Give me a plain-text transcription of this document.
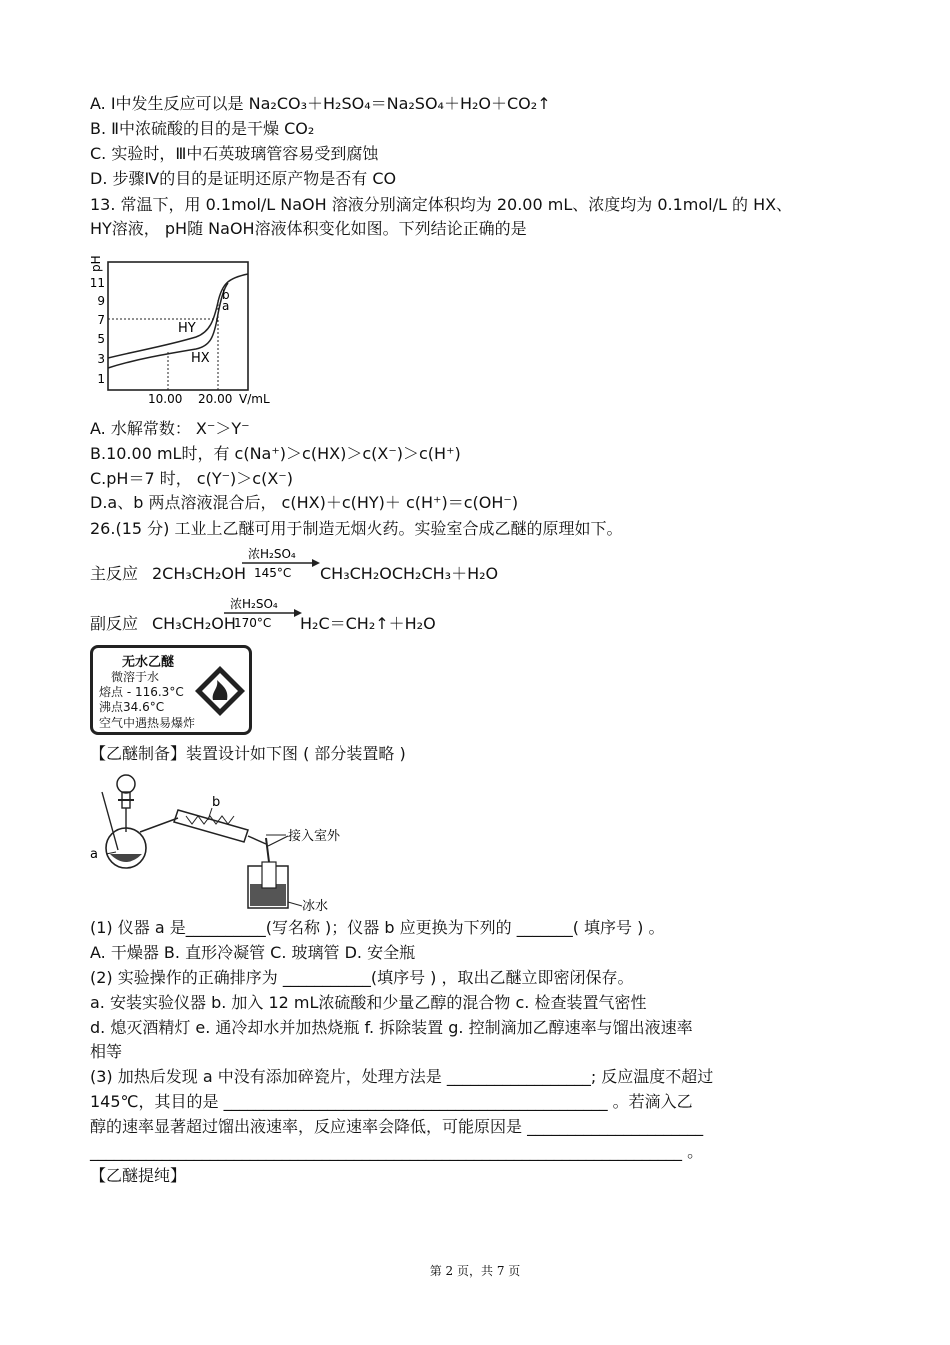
A. Ⅰ中发生反应可以是 Na₂CO₃＋H₂SO₄＝Na₂SO₄＋H₂O＋CO₂↑
B. Ⅱ中浓硫酸的目的是干燥 CO₂
C. 实验时，Ⅲ中石英玻璃管容易受到腐蚀
D. 步骤Ⅳ的目的是证明还原产物是否有 CO
13. 常温下，用 0.1mol/L NaOH 溶液分别滴定体积均为 20.00 mL、浓度均为 0.1mol/L 的 HX、
HY溶液， pH随 NaOH溶液体积变化如图。下列结论正确的是
pH
11
9
7
5
3
1
HY
HX
b
a
10.00 20.00 V/mL
A. 水解常数： X⁻＞Y⁻
B.10.00 mL时，有 c(Na⁺)＞c(HX)＞c(X⁻)＞c(H⁺)
C.pH＝7 时， c(Y⁻)＞c(X⁻)
D.a、b 两点溶液混合后， c(HX)＋c(HY)＋ c(H⁺)＝c(OH⁻)
26.(15 分) 工业上乙醚可用于制造无烟火药。实验室合成乙醚的原理如下。
主反应 2CH₃CH₂OH
浓H₂SO₄
145°C CH₃CH₂OCH₂CH₃＋H₂O
副反应 CH₃CH₂OH
浓H₂SO₄
170°C H₂C＝CH₂↑＋H₂O
无水乙醚
微溶于水
熔点 - 116.3°C
沸点34.6°C
空气中遇热易爆炸
【乙醚制备】装置设计如下图 ( 部分装置略 )
b
接入室外
a
冰水
(1) 仪器 a 是__________(写名称 )；仪器 b 应更换为下列的 _______( 填序号 ) 。
A. 干燥器 B. 直形冷凝管 C. 玻璃管 D. 安全瓶
(2) 实验操作的正确排序为 ___________(填序号 ) ，取出乙醚立即密闭保存。
a. 安装实验仪器 b. 加入 12 mL浓硫酸和少量乙醇的混合物 c. 检查装置气密性
d. 熄灭酒精灯 e. 通冷却水并加热烧瓶 f. 拆除装置 g. 控制滴加乙醇速率与馏出液速率
相等
(3) 加热后发现 a 中没有添加碎瓷片，处理方法是 __________________; 反应温度不超过
145℃，其目的是 ________________________________________________ 。若滴入乙
醇的速率显著超过馏出液速率，反应速率会降低，可能原因是 ______________________
__________________________________________________________________________ 。
【乙醚提纯】
第 2 页，共 7 页
